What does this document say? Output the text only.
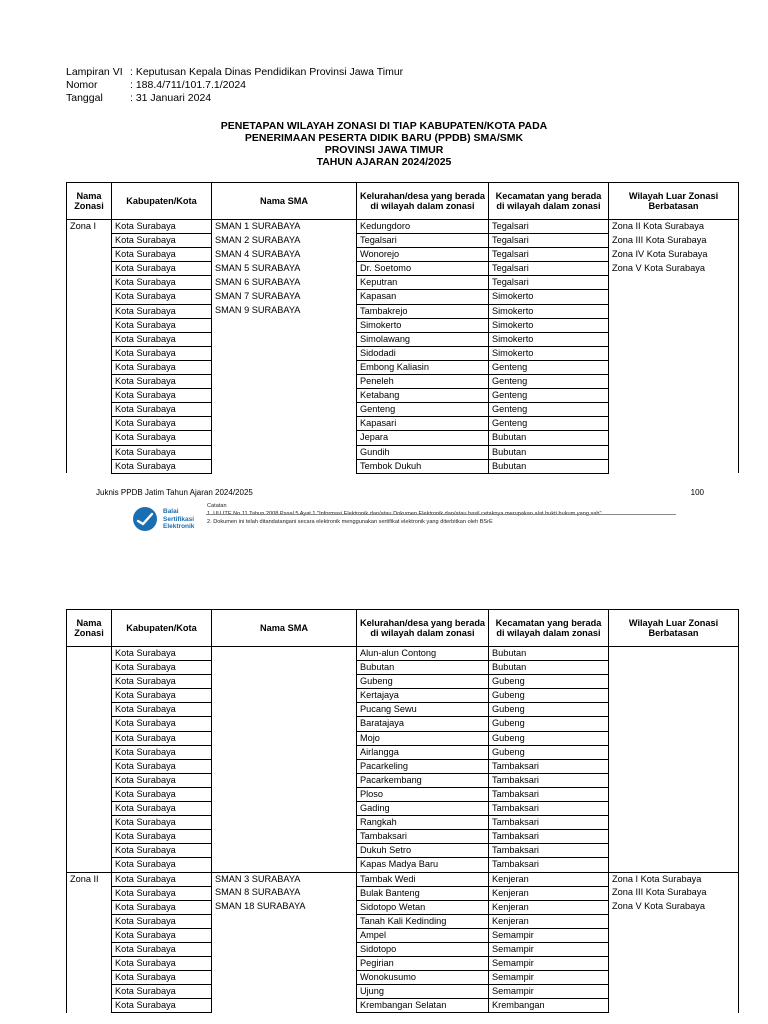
Lampiran VI : Keputusan Kepala Dinas Pendidikan Provinsi Jawa Timur
Nomor	: 188.4/711/101.7.1/2024
Tanggal	: 31 Januari 2024
PENETAPAN WILAYAH ZONASI DI TIAP KABUPATEN/KOTA PADA
PENERIMAAN PESERTA DIDIK BARU (PPDB) SMA/SMK
PROVINSI JAWA TIMUR
TAHUN AJARAN 2024/2025
Nama Zonasi	Kabupaten/Kota	Nama SMA	Kelurahan/desa yang berada di wilayah dalam zonasi	Kecamatan yang berada di wilayah dalam zonasi	Wilayah Luar Zonasi Berbatasan
Zona I	Kota Surabaya	SMAN 1 SURABAYA	Kedungdoro	Tegalsari	Zona II Kota Surabaya
	Kota Surabaya	SMAN 2 SURABAYA	Tegalsari	Tegalsari	Zona III Kota Surabaya
	Kota Surabaya	SMAN 4 SURABAYA	Wonorejo	Tegalsari	Zona IV Kota Surabaya
	Kota Surabaya	SMAN 5 SURABAYA	Dr. Soetomo	Tegalsari	Zona V Kota Surabaya
	Kota Surabaya	SMAN 6 SURABAYA	Keputran	Tegalsari	
	Kota Surabaya	SMAN 7 SURABAYA	Kapasan	Simokerto	
	Kota Surabaya	SMAN 9 SURABAYA	Tambakrejo	Simokerto	
	Kota Surabaya		Simokerto	Simokerto	
	Kota Surabaya		Simolawang	Simokerto	
	Kota Surabaya		Sidodadi	Simokerto	
	Kota Surabaya		Embong Kaliasin	Genteng	
	Kota Surabaya		Peneleh	Genteng	
	Kota Surabaya		Ketabang	Genteng	
	Kota Surabaya		Genteng	Genteng	
	Kota Surabaya		Kapasari	Genteng	
	Kota Surabaya		Jepara	Bubutan	
	Kota Surabaya		Gundih	Bubutan	
	Kota Surabaya		Tembok Dukuh	Bubutan	
Juknis PPDB Jatim Tahun Ajaran 2024/2025	100
Balai
Sertifikasi
Elektronik
Catatan
1. UU ITE No 11 Tahun 2008 Pasal 5 Ayat 1 "Informasi Elektronik dan/atau Dokumen Elektronik dan/atau hasil cetaknya merupakan alat bukti hukum yang sah"
2. Dokumen ini telah ditandatangani secara elektronik menggunakan sertifikat elektronik yang diterbitkan oleh BSrE
Nama Zonasi	Kabupaten/Kota	Nama SMA	Kelurahan/desa yang berada di wilayah dalam zonasi	Kecamatan yang berada di wilayah dalam zonasi	Wilayah Luar Zonasi Berbatasan
	Kota Surabaya		Alun-alun Contong	Bubutan	
	Kota Surabaya		Bubutan	Bubutan	
	Kota Surabaya		Gubeng	Gubeng	
	Kota Surabaya		Kertajaya	Gubeng	
	Kota Surabaya		Pucang Sewu	Gubeng	
	Kota Surabaya		Baratajaya	Gubeng	
	Kota Surabaya		Mojo	Gubeng	
	Kota Surabaya		Airlangga	Gubeng	
	Kota Surabaya		Pacarkeling	Tambaksari	
	Kota Surabaya		Pacarkembang	Tambaksari	
	Kota Surabaya		Ploso	Tambaksari	
	Kota Surabaya		Gading	Tambaksari	
	Kota Surabaya		Rangkah	Tambaksari	
	Kota Surabaya		Tambaksari	Tambaksari	
	Kota Surabaya		Dukuh Setro	Tambaksari	
	Kota Surabaya		Kapas Madya Baru	Tambaksari	
Zona II	Kota Surabaya	SMAN 3 SURABAYA	Tambak Wedi	Kenjeran	Zona I Kota Surabaya
	Kota Surabaya	SMAN 8 SURABAYA	Bulak Banteng	Kenjeran	Zona III Kota Surabaya
	Kota Surabaya	SMAN 18 SURABAYA	Sidotopo Wetan	Kenjeran	Zona V Kota Surabaya
	Kota Surabaya		Tanah Kali Kedinding	Kenjeran	
	Kota Surabaya		Ampel	Semampir	
	Kota Surabaya		Sidotopo	Semampir	
	Kota Surabaya		Pegirian	Semampir	
	Kota Surabaya		Wonokusumo	Semampir	
	Kota Surabaya		Ujung	Semampir	
	Kota Surabaya		Krembangan Selatan	Krembangan	
